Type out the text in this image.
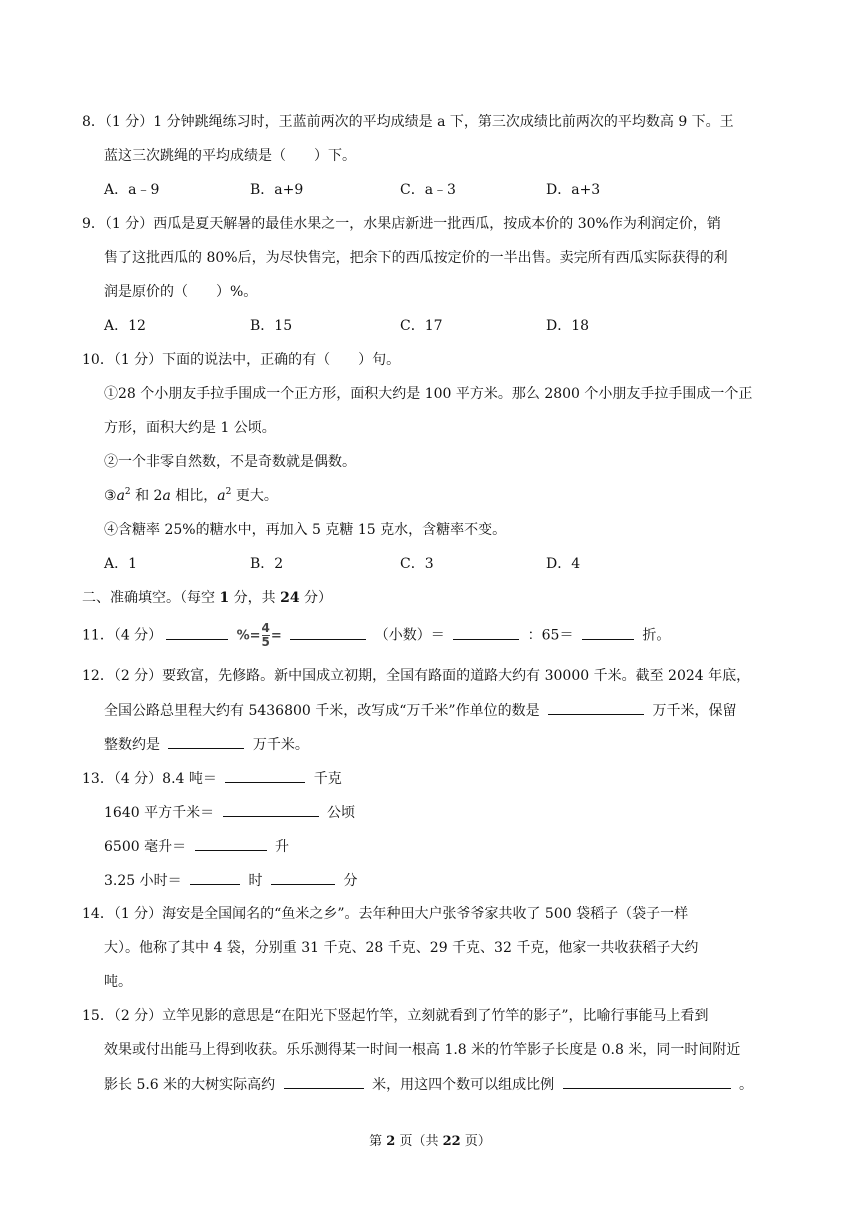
8．（1 分）1 分钟跳绳练习时，王蓝前两次的平均成绩是 a 下，第三次成绩比前两次的平均数高 9 下。王
蓝这三次跳绳的平均成绩是（　　）下。
A．a﹣9	B．a+9	C．a﹣3	D．a+3
9．（1 分）西瓜是夏天解暑的最佳水果之一，水果店新进一批西瓜，按成本价的 30%作为利润定价，销
售了这批西瓜的 80%后，为尽快售完，把余下的西瓜按定价的一半出售。卖完所有西瓜实际获得的利
润是原价的（　　）%。
A．12	B．15	C．17	D．18
10．（1 分）下面的说法中，正确的有（　　）句。
①28 个小朋友手拉手围成一个正方形，面积大约是 100 平方米。那么 2800 个小朋友手拉手围成一个正
方形，面积大约是 1 公顷。
②一个非零自然数，不是奇数就是偶数。
$③a^2$ 和 2a 相比，$a^2$ 更大。
④含糖率 25%的糖水中，再加入 5 克糖 15 克水，含糖率不变。
A．1	B．2	C．3	D．4
二、准确填空。（每空 1 分，共 24 分）
11．（4 分）	$\%=\frac{4}{5}=$	（小数）＝	：65＝	折。
12．（2 分）要致富，先修路。新中国成立初期，全国有路面的道路大约有 30000 千米。截至 2024 年底，
全国公路总里程大约有 5436800 千米，改写成“万千米”作单位的数是	万千米，保留
整数约是	万千米。
13．（4 分）8.4 吨＝	千克
1640 平方千米＝	公顷
6500 毫升＝	升
3.25 小时＝	时	分
14．（1 分）海安是全国闻名的“鱼米之乡”。去年种田大户张爷爷家共收了 500 袋稻子（袋子一样
大）。他称了其中 4 袋，分别重 31 千克、28 千克、29 千克、32 千克，他家一共收获稻子大约
吨。
15．（2 分）立竿见影的意思是“在阳光下竖起竹竿，立刻就看到了竹竿的影子”，比喻行事能马上看到
效果或付出能马上得到收获。乐乐测得某一时间一根高 1.8 米的竹竿影子长度是 0.8 米，同一时间附近
影长 5.6 米的大树实际高约	米，用这四个数可以组成比例	。
第 2 页（共 22 页）
